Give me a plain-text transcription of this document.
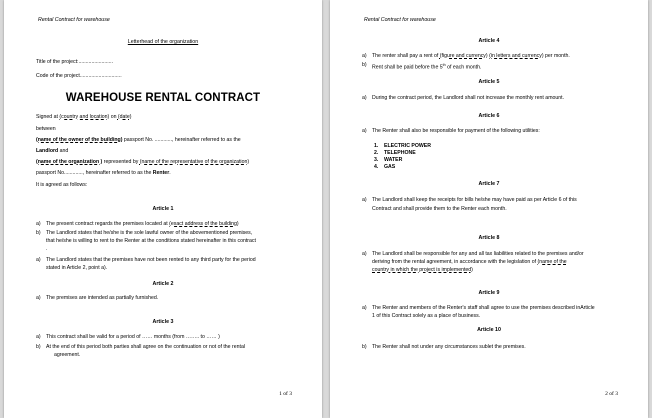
Rental Contract for warehouse
Letterhead of the organization
Title of the project:........................
Code of the project.............................
WAREHOUSE RENTAL CONTRACT
Signed at (country and location) on (date)
between
(name of the owner of the building) passport No. ............, hereinafter referred to as the
Landlord and
(name of the organization ) represented by (name of the representative of the organization)
passport No............., hereinafter referred to as the Renter.
It is agreed as follows:
Article 1
a)	The present contract regards the premises located at (exact address of the building)
b)	The Landlord states that he/she is the sole lawful owner of the abovementioned premises,
that he/she is willing to rent to the Renter at the conditions stated hereinafter in this contract
.
a)	The Landlord states that the premises have not been rented to any third party for the period
stated in Article 2, point a).
Article 2
a)	The premises are intended as partially furnished.
Article 3
a)	This contract shall be valid for a period of …… months (from …….. to …… )
b)	At the end of this period both parties shall agree on the continuation or not of the rental
agreement.
1 of 3
Rental Contract for warehouse
Article 4
a)	The renter shall pay a rent of (figure and currency) (in letters and currency) per month.
b)	Rent shall be paid before the 5th of each month.
Article 5
a)	During the contract period, the Landlord shall not increase the monthly rent amount.
Article 6
a)	The Renter shall also be responsible for payment of the following utilities:
1. ELECTRIC POWER
2. TELEPHONE
3. WATER
4. GAS
Article 7
a)	The Landlord shall keep the receipts for bills he/she may have paid as per Article 6 of this
Contract and shall provide them to the Renter each month.
Article 8
a)	The Landlord shall be responsible for any and all tax liabilities related to the premises and/or
deriving from the rental agreement, in accordance with the legislation of (name of the
country in which the project is implemented)
Article 9
a)	The Renter and members of the Renter's staff shall agree to use the premises described inArticle
1 of this Contract solely as a place of business.
Article 10
b)	The Renter shall not under any circumstances sublet the premises.
2 of 3
